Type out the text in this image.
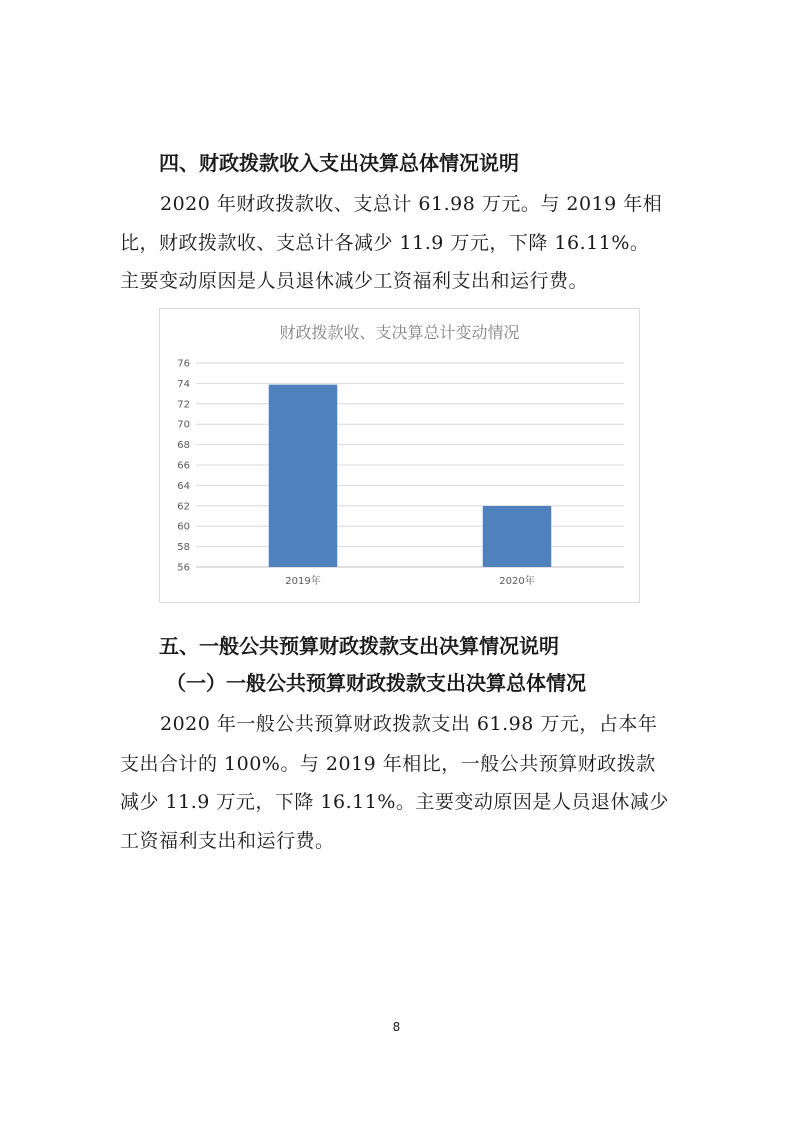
四、财政拨款收入支出决算总体情况说明
2020 年财政拨款收、支总计 61.98 万元。与 2019 年相
比，财政拨款收、支总计各减少 11.9 万元，下降 16.11%。
主要变动原因是人员退休减少工资福利支出和运行费。
财政拨款收、支决算总计变动情况
56
58
60
62
64
66
68
70
72
74
76
2019年	2020年
五、一般公共预算财政拨款支出决算情况说明
（一）一般公共预算财政拨款支出决算总体情况
2020 年一般公共预算财政拨款支出 61.98 万元，占本年
支出合计的 100%。与 2019 年相比，一般公共预算财政拨款
减少 11.9 万元，下降 16.11%。主要变动原因是人员退休减少
工资福利支出和运行费。
8
